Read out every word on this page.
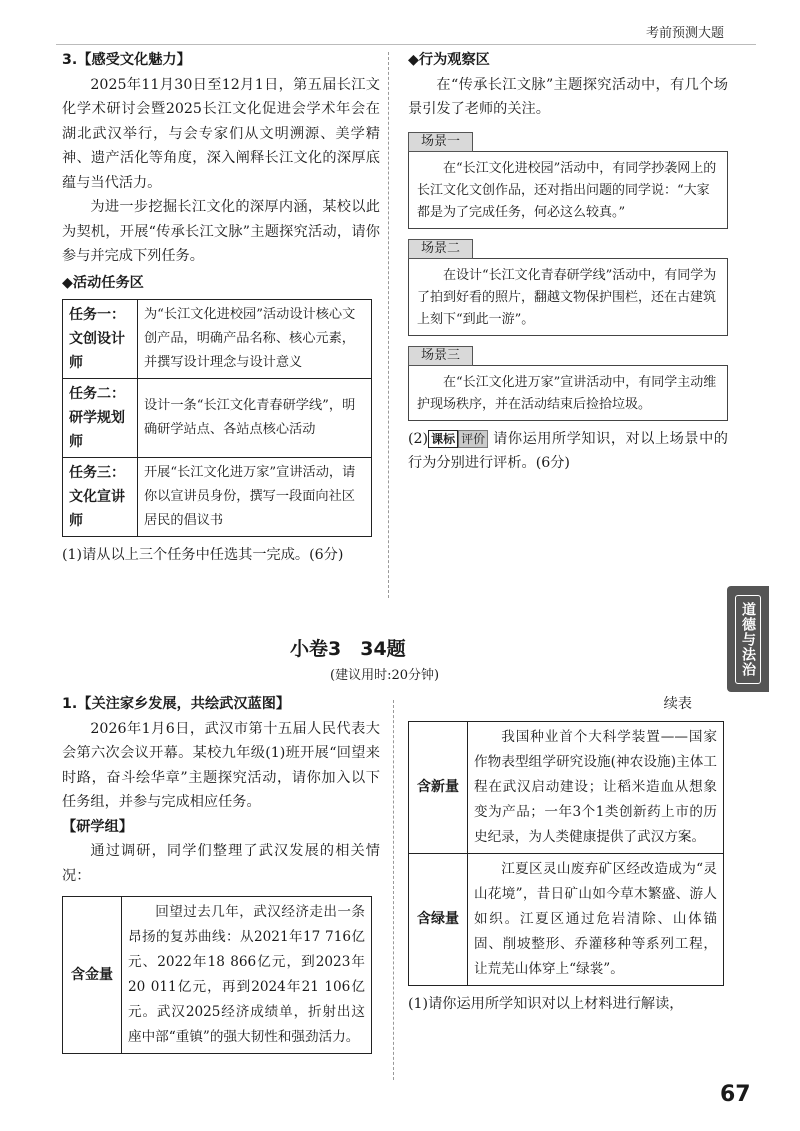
考前预测大题
3.【感受文化魅力】
2025年11月30日至12月1日，第五届长江文化学术研讨会暨2025长江文化促进会学术年会在湖北武汉举行，与会专家们从文明溯源、美学精神、遗产活化等角度，深入阐释长江文化的深厚底蕴与当代活力。
为进一步挖掘长江文化的深厚内涵，某校以此为契机，开展“传承长江文脉”主题探究活动，请你参与并完成下列任务。
◆活动任务区
任务一：文创设计师	为“长江文化进校园”活动设计核心文创产品，明确产品名称、核心元素，并撰写设计理念与设计意义
任务二：研学规划师	设计一条“长江文化青春研学线”，明确研学站点、各站点核心活动
任务三：文化宣讲师	开展“长江文化进万家”宣讲活动，请你以宣讲员身份，撰写一段面向社区居民的倡议书
(1)请从以上三个任务中任选其一完成。(6分)
◆行为观察区
在“传承长江文脉”主题探究活动中，有几个场景引发了老师的关注。
场景一
在“长江文化进校园”活动中，有同学抄袭网上的长江文化文创作品，还对指出问题的同学说：“大家都是为了完成任务，何必这么较真。”
场景二
在设计“长江文化青春研学线”活动中，有同学为了拍到好看的照片，翻越文物保护围栏，还在古建筑上刻下“到此一游”。
场景三
在“长江文化进万家”宣讲活动中，有同学主动维护现场秩序，并在活动结束后捡拾垃圾。
(2) 课标 评价 请你运用所学知识，对以上场景中的行为分别进行评析。(6分)
道德与法治
小卷3　34题
(建议用时:20分钟)
1.【关注家乡发展，共绘武汉蓝图】
2026年1月6日，武汉市第十五届人民代表大会第六次会议开幕。某校九年级(1)班开展“回望来时路，奋斗绘华章”主题探究活动，请你加入以下任务组，并参与完成相应任务。
【研学组】
通过调研，同学们整理了武汉发展的相关情况：
含金量	回望过去几年，武汉经济走出一条昂扬的复苏曲线：从2021年17 716亿元、2022年18 866亿元，到2023年20 011亿元，再到2024年21 106亿元。武汉2025经济成绩单，折射出这座中部“重镇”的强大韧性和强劲活力。
续表
含新量	我国种业首个大科学装置——国家作物表型组学研究设施(神农设施)主体工程在武汉启动建设；让稻米造血从想象变为产品；一年3个1类创新药上市的历史纪录，为人类健康提供了武汉方案。
含绿量	江夏区灵山废弃矿区经改造成为“灵山花境”，昔日矿山如今草木繁盛、游人如织。江夏区通过危岩清除、山体锚固、削坡整形、乔灌移种等系列工程，让荒芜山体穿上“绿裳”。
(1)请你运用所学知识对以上材料进行解读，
67
